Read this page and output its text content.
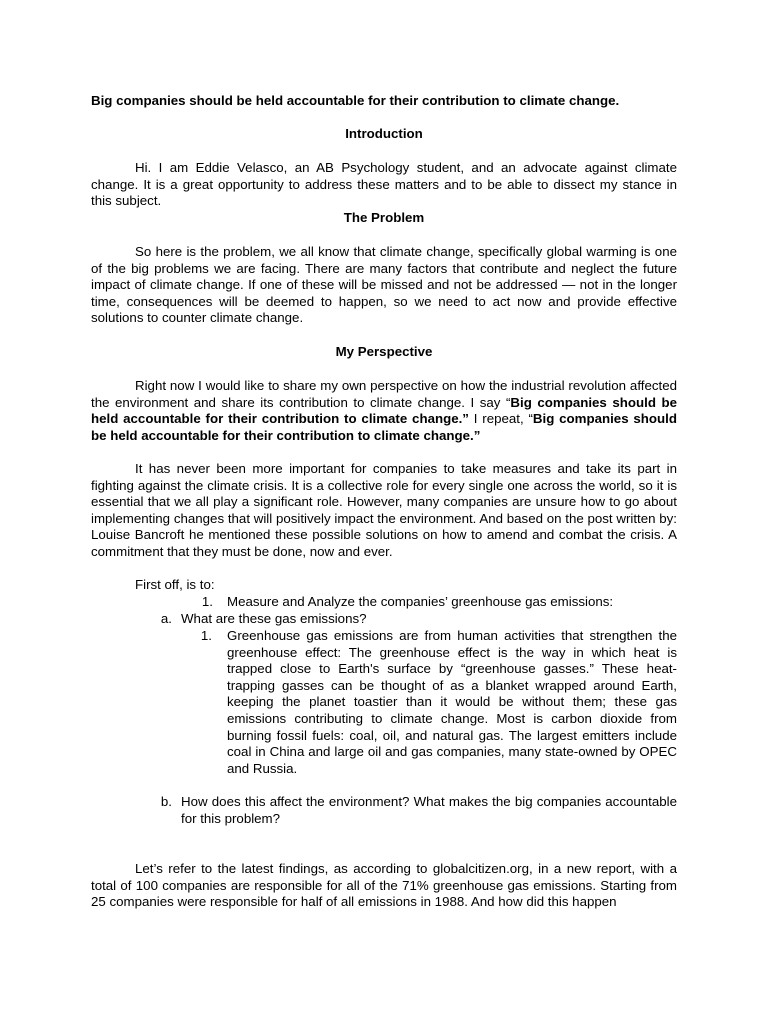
Big companies should be held accountable for their contribution to climate change.

Introduction

Hi. I am Eddie Velasco, an AB Psychology student, and an advocate against climate change. It is a great opportunity to address these matters and to be able to dissect my stance in this subject.

The Problem

So here is the problem, we all know that climate change, specifically global warming is one of the big problems we are facing. There are many factors that contribute and neglect the future impact of climate change. If one of these will be missed and not be addressed — not in the longer time, consequences will be deemed to happen, so we need to act now and provide effective solutions to counter climate change.

My Perspective

Right now I would like to share my own perspective on how the industrial revolution affected the environment and share its contribution to climate change. I say “Big companies should be held accountable for their contribution to climate change.” I repeat, “Big companies should be held accountable for their contribution to climate change.”

It has never been more important for companies to take measures and take its part in fighting against the climate crisis. It is a collective role for every single one across the world, so it is essential that we all play a significant role. However, many companies are unsure how to go about implementing changes that will positively impact the environment. And based on the post written by: Louise Bancroft he mentioned these possible solutions on how to amend and combat the crisis. A commitment that they must be done, now and ever.

First off, is to:

1. Measure and Analyze the companies’ greenhouse gas emissions:
a. What are these gas emissions?
1. Greenhouse gas emissions are from human activities that strengthen the greenhouse effect: The greenhouse effect is the way in which heat is trapped close to Earth's surface by “greenhouse gasses.” These heat-trapping gasses can be thought of as a blanket wrapped around Earth, keeping the planet toastier than it would be without them; these gas emissions contributing to climate change. Most is carbon dioxide from burning fossil fuels: coal, oil, and natural gas. The largest emitters include coal in China and large oil and gas companies, many state-owned by OPEC and Russia.
b. How does this affect the environment? What makes the big companies accountable for this problem?

Let’s refer to the latest findings, as according to globalcitizen.org, in a new report, with a total of 100 companies are responsible for all of the 71% greenhouse gas emissions. Starting from 25 companies were responsible for half of all emissions in 1988. And how did this happen
